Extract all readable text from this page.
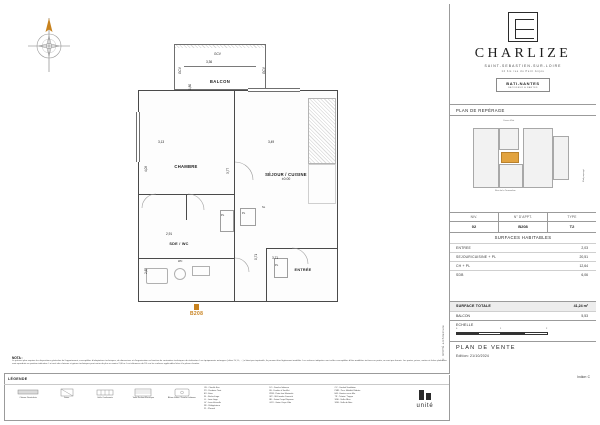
BALCON
GCV
3,36
1,80
GCV	GCV
PL
PL
PL
WC
SL
CHAMBRE
SÉJOUR / CUISINE
±0.00
SDE / WC
ENTRÉE
3,13
4,09
3,49
3,77
2,91
2,65
3,71
0,71
B208
© UNITÉ architecture
NOTA :

Le présent plan exprime les dispositions générales de l'appartement, susceptibles d'adaptations techniques, de dimensions et d'organisation en fonction de contraintes techniques de réalisation. Les équipements ménagers (côtes LV, LL, ...) n'étant pas impératifs, ils peuvent être légèrement modifiés. Les surfaces indiquées sont celles susceptibles d'être modifiées incluses en partie, ne sont pas fournis. Les portes, prises, sorties et fiches plafonnier sont reproduits en position indicative. Le tracé des cloisons et gaines techniques peut varier de plus ou moins 2,00 m. Les tolérances de 5% sur les surfaces applicables liées à la phase chantier.

LÉGENDE
Cloison Généraliste	Gaine	Grille Coulissante	Volet Roulant Electrique	Bâton d'Huis / Douche Italienne
CE : Chauffe Eau
PV : Penderie Tiroir
EV : Evier
SL : Sèche-Linge
LL : Lave-Linge
LV : Lave-Vaisselle
RF : Réfrigérateur
PL : Placard
DO : Douche Italienne
FE : Fenêtre à Soufflet
PRM : Porte four Maximale
WC : Wc/Lavabo Concerté
BD : Gaine Corps Réponse
GCV : Gaine Corps Vide
CV : Conduit Ventilation
PMR : Pers. Mobilité Réduite
HM : Hauteur sous Mur
TR : Trémie / Trappe
SDE : Salle d'Eau
SDB : Salle de Bain	unité
CHARLIZE
SAINT-SEBASTIEN-SUR-LOIRE
14 bis rue du Petit Anjou
BATI-NANTES
BATISSEUR A NANTES
PLAN DE REPÉRAGE
Coeur d'îlot
Mail paysagé
Rue de la Tourmaline
NIV.	N° D'APPT.	TYPE
02	B208	T2
SURFACES HABITABLES
ENTREE	2,03
SEJOUR/CUISINE + PL	20,51
CH + PL	12,64
SDB	6,06
SURFACE TOTALE	41,24 m²
BALCON	5,53
ECHELLE
0	1	2
PLAN DE VENTE
Edition: 21/10/2024
Indice: C
